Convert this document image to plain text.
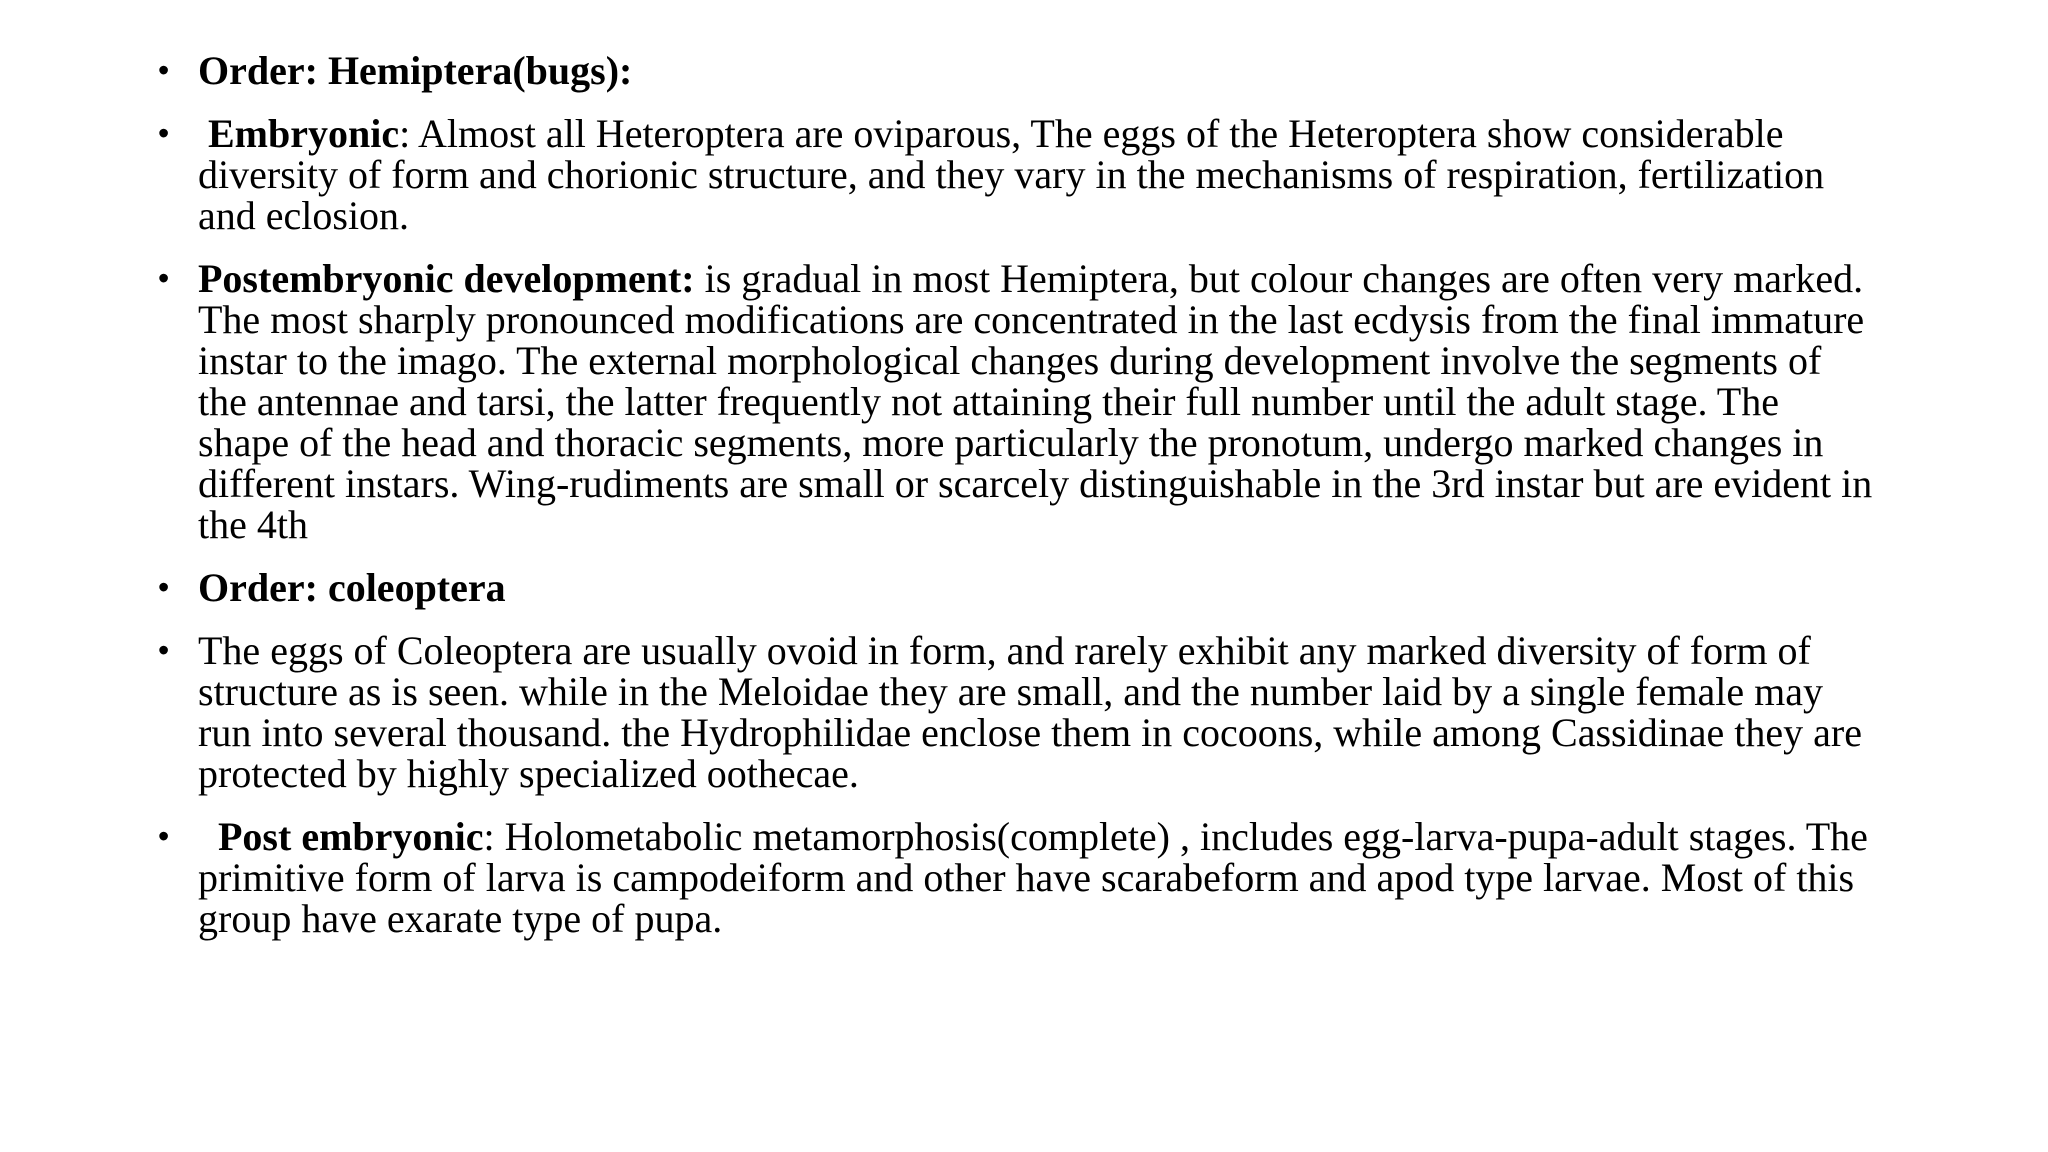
• Order: Hemiptera(bugs):
• Embryonic: Almost all Heteroptera are oviparous, The eggs of the Heteroptera show considerable diversity of form and chorionic structure, and they vary in the mechanisms of respiration, fertilization and eclosion.
• Postembryonic development: is gradual in most Hemiptera, but colour changes are often very marked. The most sharply pronounced modifications are concentrated in the last ecdysis from the final immature instar to the imago. The external morphological changes during development involve the segments of the antennae and tarsi, the latter frequently not attaining their full number until the adult stage. The shape of the head and thoracic segments, more particularly the pronotum, undergo marked changes in different instars. Wing-rudiments are small or scarcely distinguishable in the 3rd instar but are evident in the 4th
• Order: coleoptera
• The eggs of Coleoptera are usually ovoid in form, and rarely exhibit any marked diversity of form of structure as is seen. while in the Meloidae they are small, and the number laid by a single female may run into several thousand. the Hydrophilidae enclose them in cocoons, while among Cassidinae they are protected by highly specialized oothecae.
• Post embryonic: Holometabolic metamorphosis(complete) , includes egg-larva-pupa-adult stages. The primitive form of larva is campodeiform and other have scarabeform and apod type larvae. Most of this group have exarate type of pupa.
